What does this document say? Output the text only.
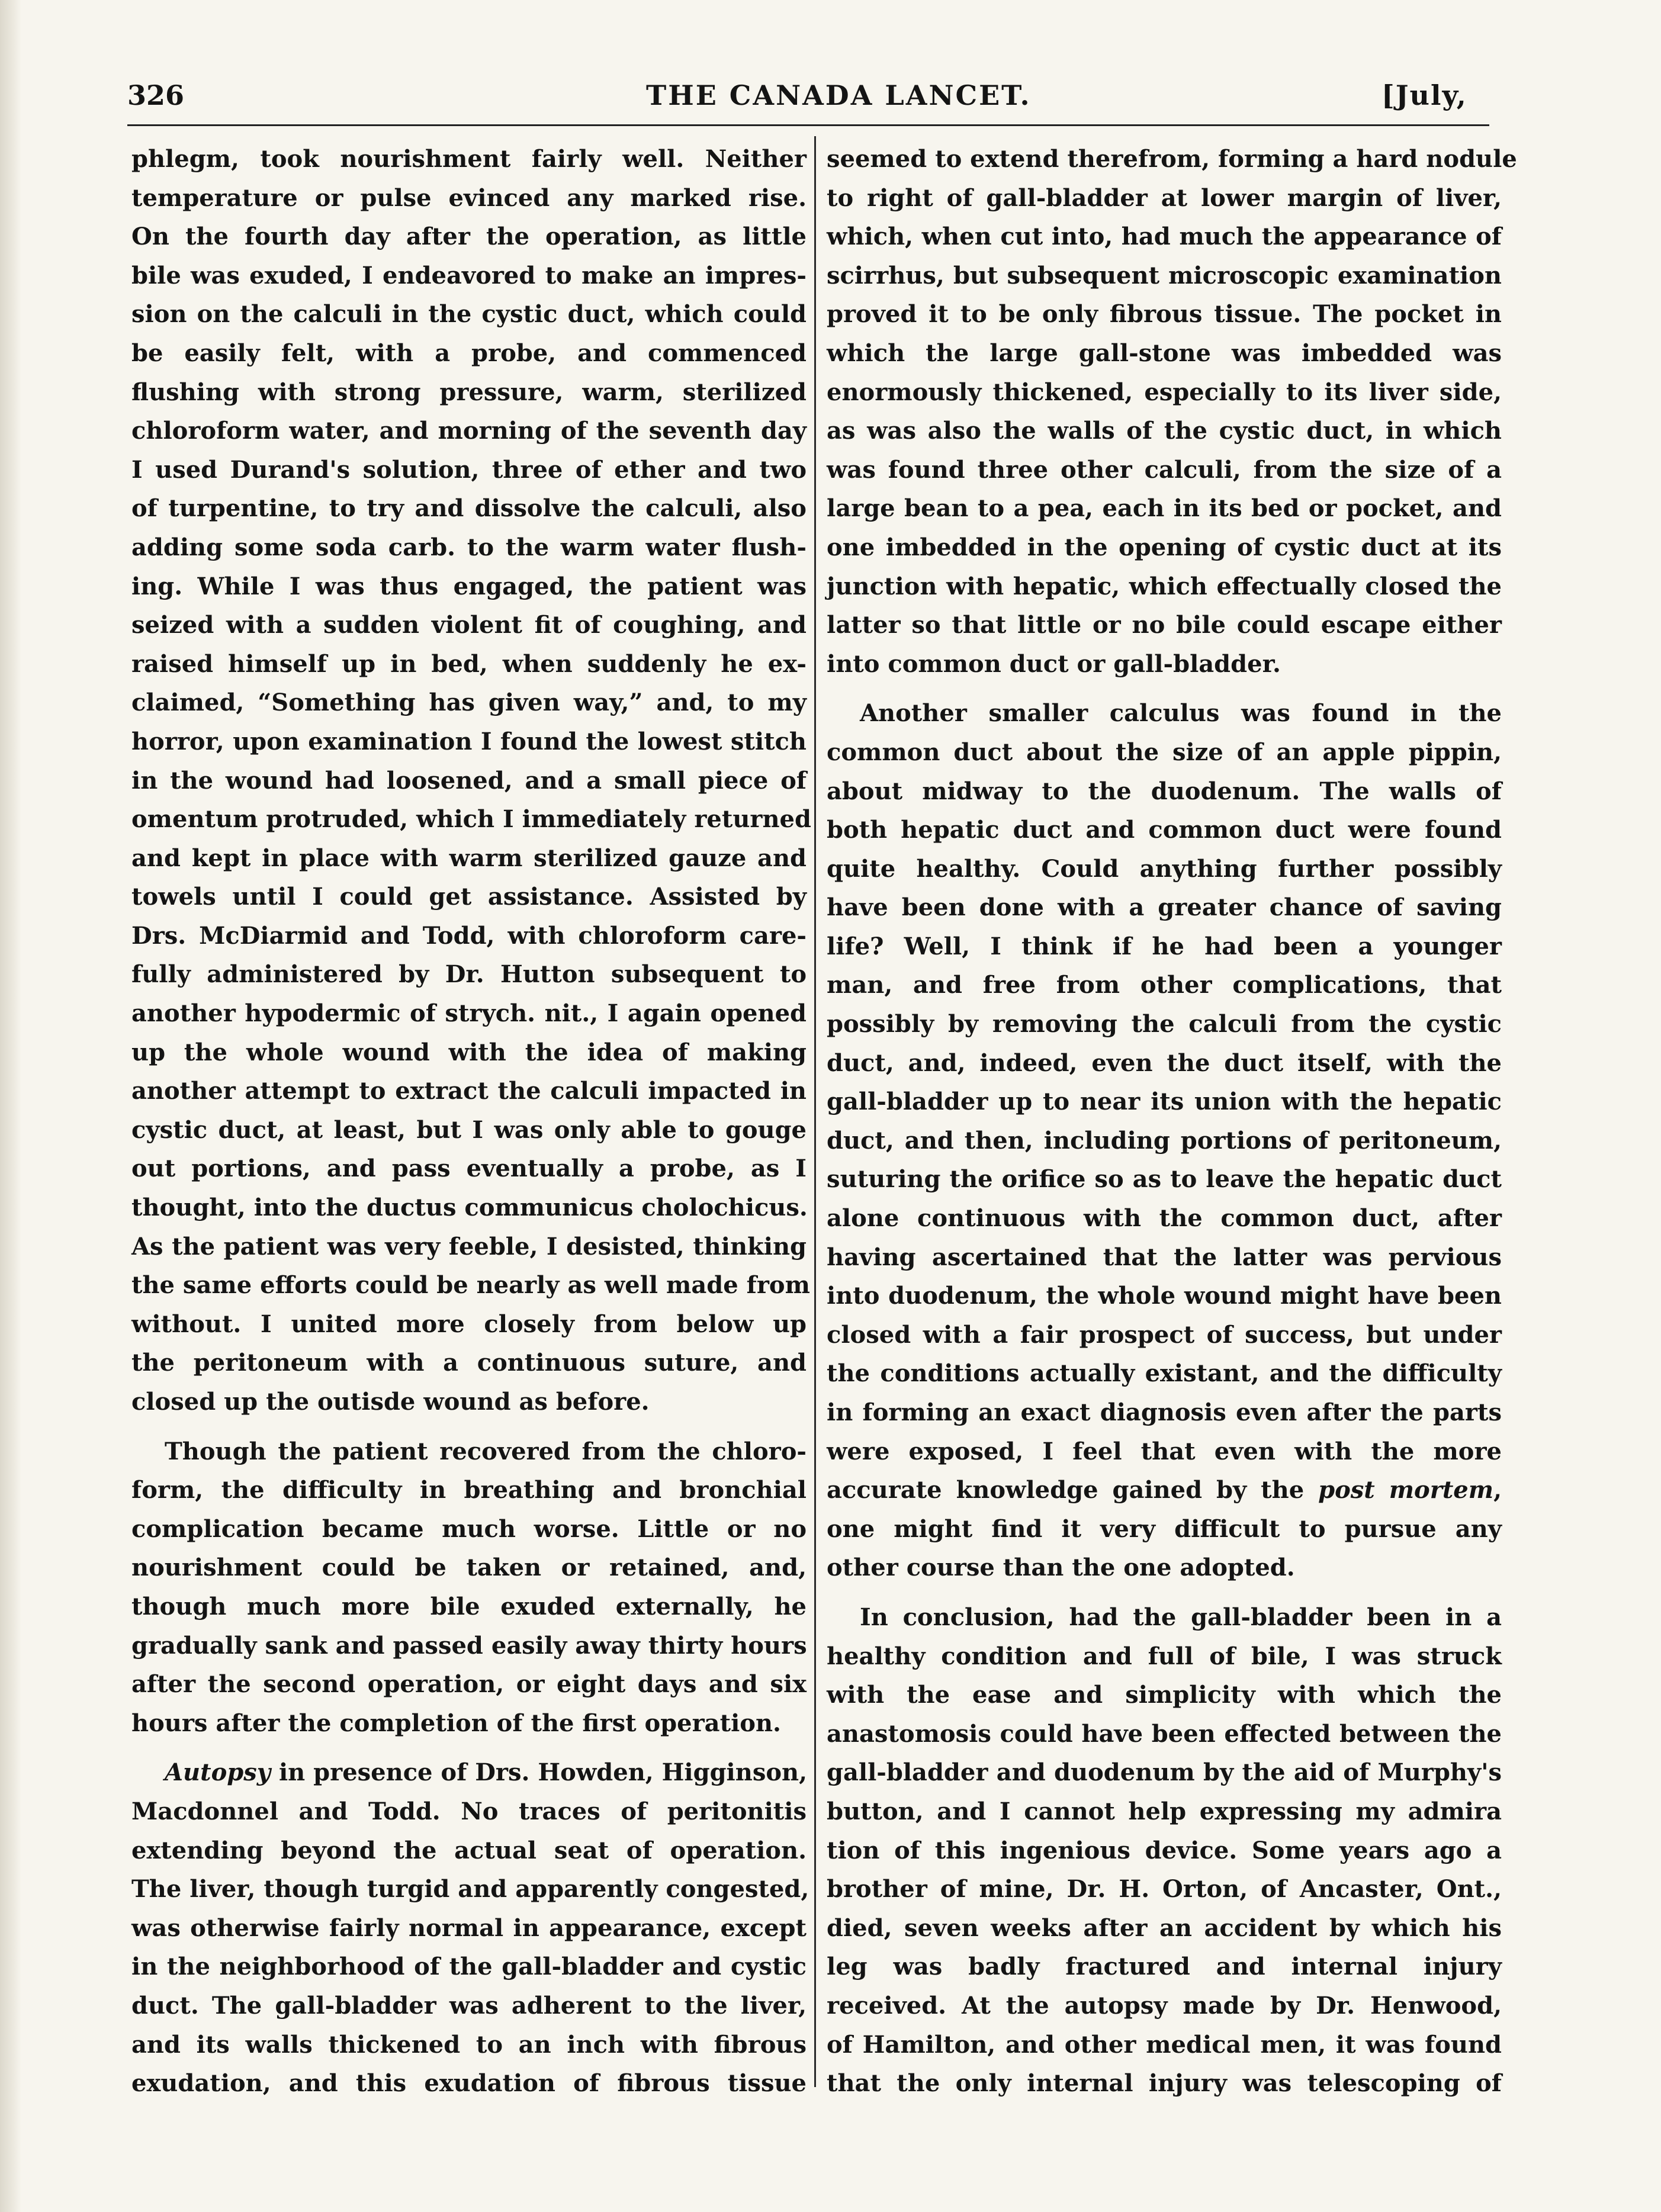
326	THE CANADA LANCET.	[July,
phlegm, took nourishment fairly well. Neither
temperature or pulse evinced any marked rise.
On the fourth day after the operation, as little
bile was exuded, I endeavored to make an impres-
sion on the calculi in the cystic duct, which could
be easily felt, with a probe, and commenced
flushing with strong pressure, warm, sterilized
chloroform water, and morning of the seventh day
I used Durand's solution, three of ether and two
of turpentine, to try and dissolve the calculi, also
adding some soda carb. to the warm water flush-
ing. While I was thus engaged, the patient was
seized with a sudden violent fit of coughing, and
raised himself up in bed, when suddenly he ex-
claimed, “Something has given way,” and, to my
horror, upon examination I found the lowest stitch
in the wound had loosened, and a small piece of
omentum protruded, which I immediately returned
and kept in place with warm sterilized gauze and
towels until I could get assistance. Assisted by
Drs. McDiarmid and Todd, with chloroform care-
fully administered by Dr. Hutton subsequent to
another hypodermic of strych. nit., I again opened
up the whole wound with the idea of making
another attempt to extract the calculi impacted in
cystic duct, at least, but I was only able to gouge
out portions, and pass eventually a probe, as I
thought, into the ductus communicus cholochicus.
As the patient was very feeble, I desisted, thinking
the same efforts could be nearly as well made from
without. I united more closely from below up
the peritoneum with a continuous suture, and
closed up the outisde wound as before.
Though the patient recovered from the chloro-
form, the difficulty in breathing and bronchial
complication became much worse. Little or no
nourishment could be taken or retained, and,
though much more bile exuded externally, he
gradually sank and passed easily away thirty hours
after the second operation, or eight days and six
hours after the completion of the first operation.
Autopsy in presence of Drs. Howden, Higginson,
Macdonnel and Todd. No traces of peritonitis
extending beyond the actual seat of operation.
The liver, though turgid and apparently congested,
was otherwise fairly normal in appearance, except
in the neighborhood of the gall-bladder and cystic
duct. The gall-bladder was adherent to the liver,
and its walls thickened to an inch with fibrous
exudation, and this exudation of fibrous tissue
seemed to extend therefrom, forming a hard nodule
to right of gall-bladder at lower margin of liver,
which, when cut into, had much the appearance of
scirrhus, but subsequent microscopic examination
proved it to be only fibrous tissue. The pocket in
which the large gall-stone was imbedded was
enormously thickened, especially to its liver side,
as was also the walls of the cystic duct, in which
was found three other calculi, from the size of a
large bean to a pea, each in its bed or pocket, and
one imbedded in the opening of cystic duct at its
junction with hepatic, which effectually closed the
latter so that little or no bile could escape either
into common duct or gall-bladder.
Another smaller calculus was found in the
common duct about the size of an apple pippin,
about midway to the duodenum. The walls of
both hepatic duct and common duct were found
quite healthy. Could anything further possibly
have been done with a greater chance of saving
life? Well, I think if he had been a younger
man, and free from other complications, that
possibly by removing the calculi from the cystic
duct, and, indeed, even the duct itself, with the
gall-bladder up to near its union with the hepatic
duct, and then, including portions of peritoneum,
suturing the orifice so as to leave the hepatic duct
alone continuous with the common duct, after
having ascertained that the latter was pervious
into duodenum, the whole wound might have been
closed with a fair prospect of success, but under
the conditions actually existant, and the difficulty
in forming an exact diagnosis even after the parts
were exposed, I feel that even with the more
accurate knowledge gained by the post mortem,
one might find it very difficult to pursue any
other course than the one adopted.
In conclusion, had the gall-bladder been in a
healthy condition and full of bile, I was struck
with the ease and simplicity with which the
anastomosis could have been effected between the
gall-bladder and duodenum by the aid of Murphy's
button, and I cannot help expressing my admira
tion of this ingenious device. Some years ago a
brother of mine, Dr. H. Orton, of Ancaster, Ont.,
died, seven weeks after an accident by which his
leg was badly fractured and internal injury
received. At the autopsy made by Dr. Henwood,
of Hamilton, and other medical men, it was found
that the only internal injury was telescoping of
